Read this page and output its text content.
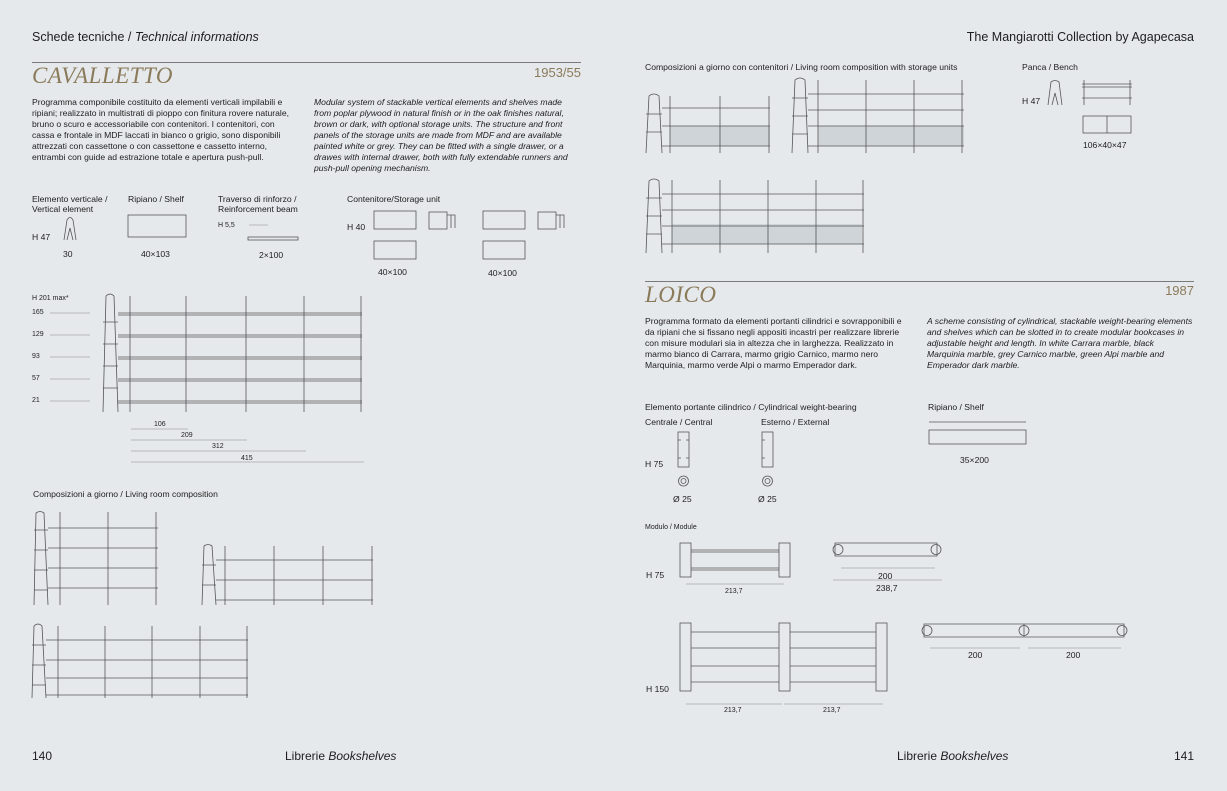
Schede tecniche / Technical informations	The Mangiarotti Collection by Agapecasa
CAVALLETTO	1953/55
Programma componibile costituito da elementi verticali impilabili e ripiani; realizzato in multistrati di pioppo con finitura rovere naturale, bruno o scuro e accessoriabile con contenitori. I contenitori, con cassa e frontale in MDF laccati in bianco o grigio, sono disponibili attrezzati con cassettone o con cassettone e cassetto interno, entrambi con guide ad estrazione totale e apertura push-pull.
Modular system of stackable vertical elements and shelves made from poplar plywood in natural finish or in the oak finishes natural, brown or dark, with optional storage units. The structure and front panels of the storage units are made from MDF and are available painted white or grey. They can be fitted with a single drawer, or a drawes with internal drawer, both with fully extendable runners and push-pull opening mechanism.
Elemento verticale / Vertical element
H 47
30
Ripiano / Shelf
40×103
Traverso di rinforzo / Reinforcement beam
H 5,5
2×100
Contenitore/Storage unit
H 40
40×100	40×100
H 201 max*
165
129
93
57
21
106
209
312
415
Composizioni a giorno / Living room composition
140	Librerie Bookshelves
Composizioni a giorno con contenitori / Living room composition with storage units	Panca / Bench
H 47
106×40×47
LOICO	1987
Programma formato da elementi portanti cilindrici e sovrapponibili e da ripiani che si fissano negli appositi incastri per realizzare librerie con misure modulari sia in altezza che in larghezza. Realizzato in marmo bianco di Carrara, marmo grigio Carnico, marmo nero Marquinia, marmo verde Alpi o marmo Emperador dark.
A scheme consisting of cylindrical, stackable weight-bearing elements and shelves which can be slotted in to create modular bookcases in adjustable height and length. In white Carrara marble, black Marquinia marble, grey Carnico marble, green Alpi marble and Emperador dark marble.
Elemento portante cilindrico / Cylindrical weight-bearing
Centrale / Central	Esterno / External
H 75
Ø 25	Ø 25
Ripiano / Shelf
35×200
Modulo / Module
H 75
213,7
200
238,7
H 150
213,7	213,7
200	200
Librerie Bookshelves	141
